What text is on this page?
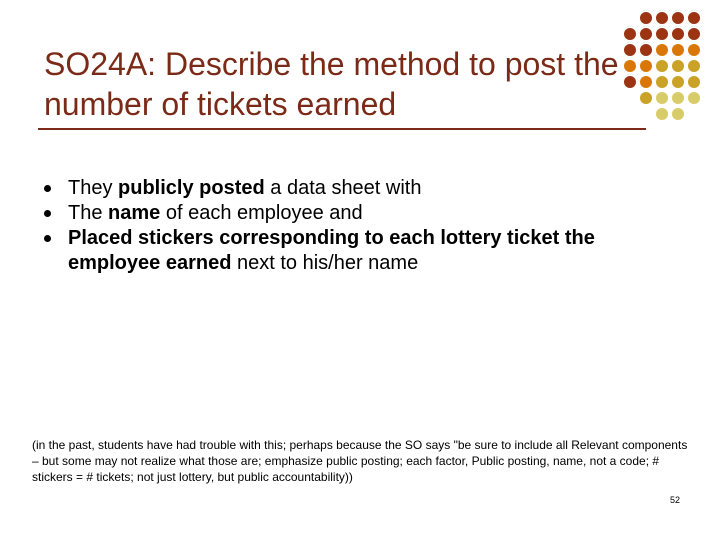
SO24A: Describe the method to post the number of tickets earned
They publicly posted a data sheet with
The name of each employee and
Placed stickers corresponding to each lottery ticket the employee earned next to his/her name

(in the past, students have had trouble with this; perhaps because the SO says "be sure to include all Relevant components – but some may not realize what those are; emphasize public posting; each factor, Public posting, name, not a code; # stickers = # tickets; not just lottery, but public accountability))

52
